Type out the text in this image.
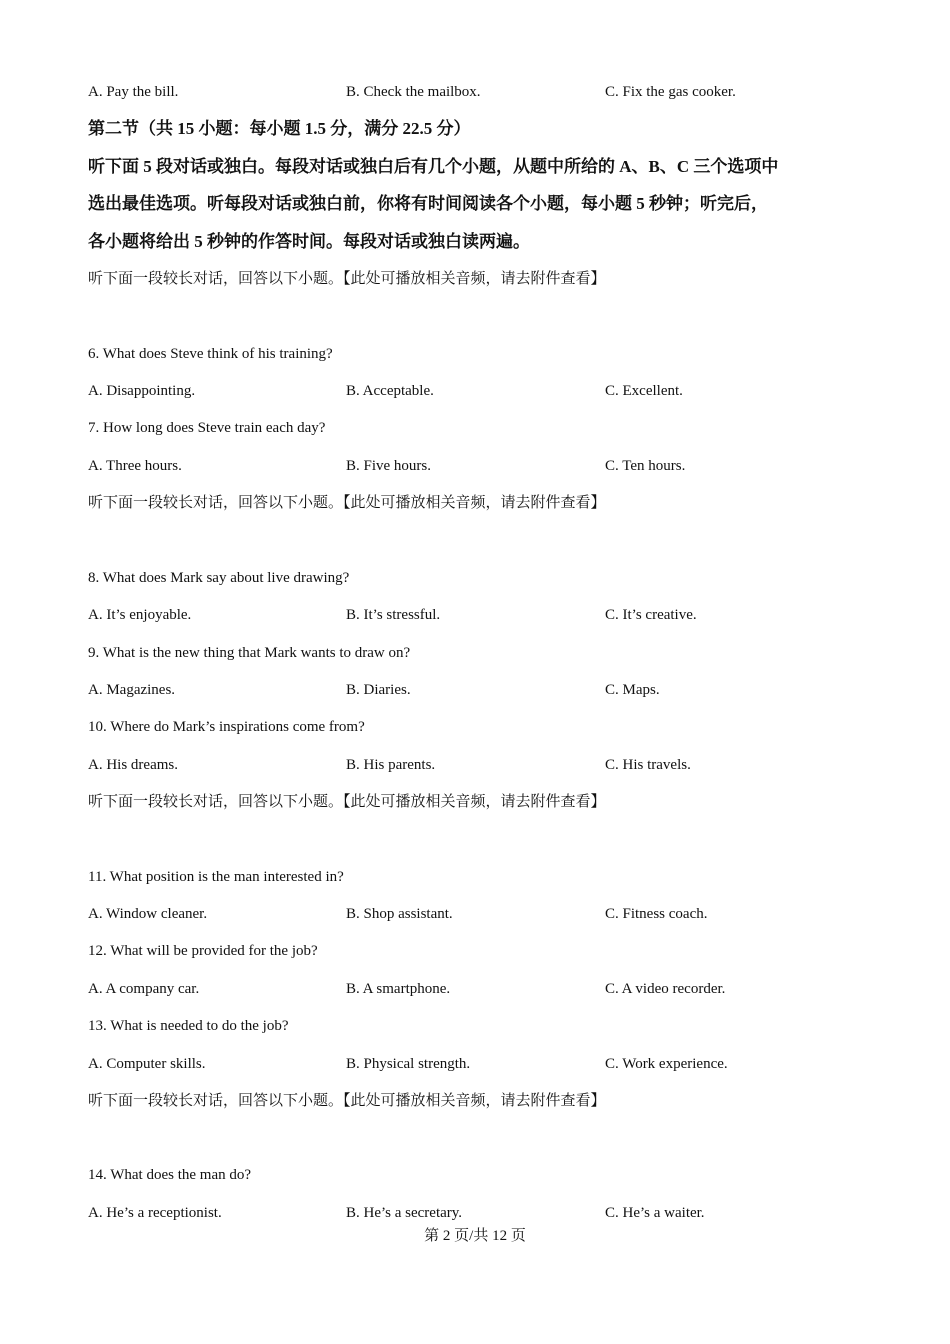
A. Pay the bill.	B. Check the mailbox.	C. Fix the gas cooker.
第二节（共 15 小题：每小题 1.5 分，满分 22.5 分）
听下面 5 段对话或独白。每段对话或独白后有几个小题，从题中所给的 A、B、C 三个选项中
选出最佳选项。听每段对话或独白前，你将有时间阅读各个小题，每小题 5 秒钟；听完后，
各小题将给出 5 秒钟的作答时间。每段对话或独白读两遍。
听下面一段较长对话，回答以下小题。【此处可播放相关音频，请去附件查看】
6. What does Steve think of his training?
A. Disappointing.	B. Acceptable.	C. Excellent.
7. How long does Steve train each day?
A. Three hours.	B. Five hours.	C. Ten hours.
听下面一段较长对话，回答以下小题。【此处可播放相关音频，请去附件查看】
8. What does Mark say about live drawing?
A. It’s enjoyable.	B. It’s stressful.	C. It’s creative.
9. What is the new thing that Mark wants to draw on?
A. Magazines.	B. Diaries.	C. Maps.
10. Where do Mark’s inspirations come from?
A. His dreams.	B. His parents.	C. His travels.
听下面一段较长对话，回答以下小题。【此处可播放相关音频，请去附件查看】
11. What position is the man interested in?
A. Window cleaner.	B. Shop assistant.	C. Fitness coach.
12. What will be provided for the job?
A. A company car.	B. A smartphone.	C. A video recorder.
13. What is needed to do the job?
A. Computer skills.	B. Physical strength.	C. Work experience.
听下面一段较长对话，回答以下小题。【此处可播放相关音频，请去附件查看】
14. What does the man do?
A. He’s a receptionist.	B. He’s a secretary.	C. He’s a waiter.
第 2 页/共 12 页
